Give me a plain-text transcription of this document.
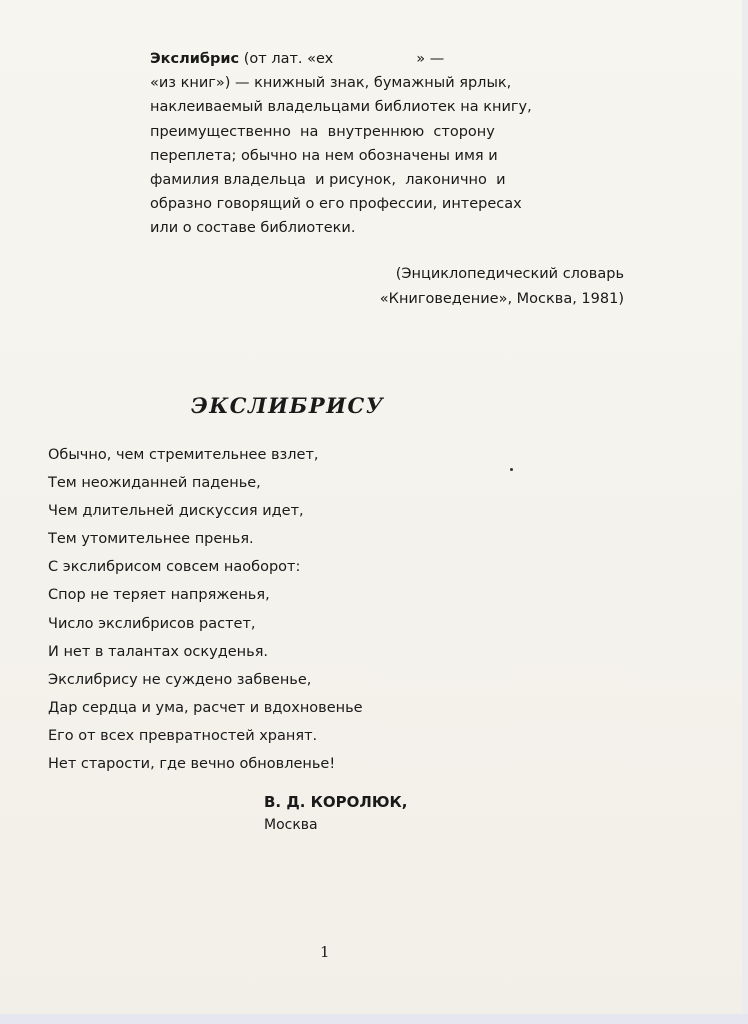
Экслибрис (от лат. «ex                  » —
«из книг») — книжный знак, бумажный ярлык,
наклеиваемый владельцами библиотек на книгу,
преимущественно  на  внутреннюю  сторону
переплета; обычно на нем обозначены имя и
фамилия владельца  и рисунок,  лаконично  и
образно говорящий о его профессии, интересах
или о составе библиотеки.
(Энциклопедический словарь
«Книговедение», Москва, 1981)
ЭКСЛИБРИСУ
Обычно, чем стремительнее взлет,
Тем неожиданней паденье,
Чем длительней дискуссия идет,
Тем утомительнее пренья.
С экслибрисом совсем наоборот:
Спор не теряет напряженья,
Число экслибрисов растет,
И нет в талантах оскуденья.
Экслибрису не суждено забвенье,
Дар сердца и ума, расчет и вдохновенье
Его от всех превратностей хранят.
Нет старости, где вечно обновленье!
В. Д. КОРОЛЮК,
Москва
1
